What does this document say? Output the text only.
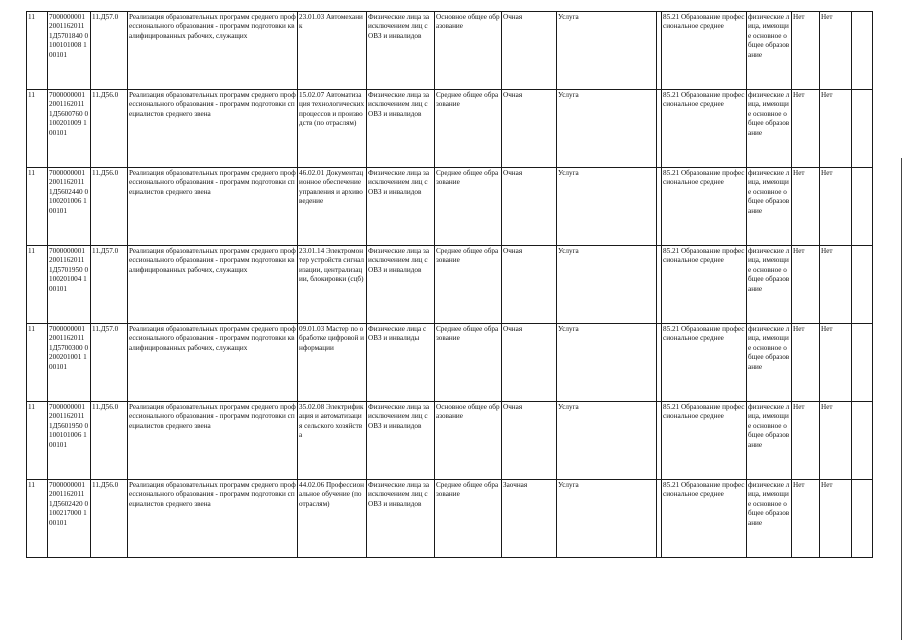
11	7000000001 2001162011 1Д5701840 0100101008 100101	11.Д57.0	Реализация образовательных программ среднего профессионального образования - программ подготовки квалифицированных рабочих, служащих	23.01.03 Автомеханик	Физические лица за исключением лиц с ОВЗ и инвалидов	Основное общее образование	Очная	Услуга		85.21 Образование профессиональное среднее	физические лица, имеющие основное общее образование	Нет	Нет	
11	7000000001 2001162011 1Д5600760 0100201009 100101	11.Д56.0	Реализация образовательных программ среднего профессионального образования - программ подготовки специалистов среднего звена	15.02.07 Автоматизация технологических процессов и производств (по отраслям)	Физические лица за исключением лиц с ОВЗ и инвалидов	Среднее общее образование	Очная	Услуга		85.21 Образование профессиональное среднее	физические лица, имеющие основное общее образование	Нет	Нет	
11	7000000001 2001162011 1Д5602440 0100201006 100101	11.Д56.0	Реализация образовательных программ среднего профессионального образования - программ подготовки специалистов среднего звена	46.02.01 Документационное обеспечение управления и архивоведение	Физические лица за исключением лиц с ОВЗ и инвалидов	Среднее общее образование	Очная	Услуга		85.21 Образование профессиональное среднее	физические лица, имеющие основное общее образование	Нет	Нет	
11	7000000001 2001162011 1Д5701950 0100201004 100101	11.Д57.0	Реализация образовательных программ среднего профессионального образования - программ подготовки квалифицированных рабочих, служащих	23.01.14 Электромонтер устройств сигнализации, централизации, блокировки (сцб)	Физические лица за исключением лиц с ОВЗ и инвалидов	Среднее общее образование	Очная	Услуга		85.21 Образование профессиональное среднее	физические лица, имеющие основное общее образование	Нет	Нет	
11	7000000001 2001162011 1Д5700300 0200201001 100101	11.Д57.0	Реализация образовательных программ среднего профессионального образования - программ подготовки квалифицированных рабочих, служащих	09.01.03 Мастер по обработке цифровой информации	Физические лица с ОВЗ и инвалиды	Среднее общее образование	Очная	Услуга		85.21 Образование профессиональное среднее	физические лица, имеющие основное общее образование	Нет	Нет	
11	7000000001 2001162011 1Д5601950 0100101006 100101	11.Д56.0	Реализация образовательных программ среднего профессионального образования - программ подготовки специалистов среднего звена	35.02.08 Электрификация и автоматизация сельского хозяйства	Физические лица за исключением лиц с ОВЗ и инвалидов	Основное общее образование	Очная	Услуга		85.21 Образование профессиональное среднее	физические лица, имеющие основное общее образование	Нет	Нет	
11	7000000001 2001162011 1Д5602420 0100217000 100101	11.Д56.0	Реализация образовательных программ среднего профессионального образования - программ подготовки специалистов среднего звена	44.02.06 Профессиональное обучение (по отраслям)	Физические лица за исключением лиц с ОВЗ и инвалидов	Среднее общее образование	Заочная	Услуга		85.21 Образование профессиональное среднее	физические лица, имеющие основное общее образование	Нет	Нет	
